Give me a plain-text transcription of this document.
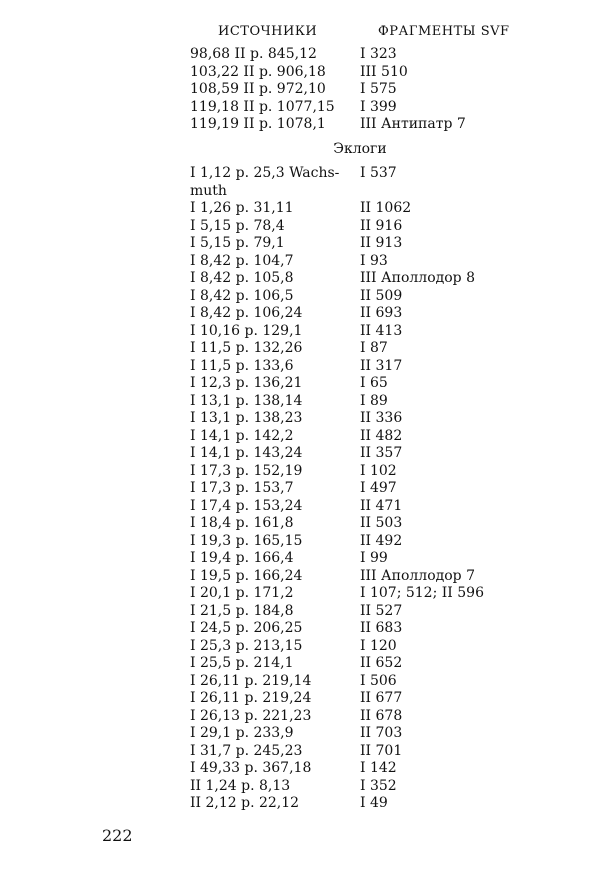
ИСТОЧНИКИ	ФРАГМЕНТЫ SVF
98,68 II p. 845,12	I 323
103,22 II p. 906,18	III 510
108,59 II p. 972,10	I 575
119,18 II p. 1077,15	I 399
119,19 II p. 1078,1	III Антипатр 7
Эклоги
I 1,12 p. 25,3 Wachs-	I 537
muth
I 1,26 p. 31,11	II 1062
I 5,15 p. 78,4	II 916
I 5,15 p. 79,1	II 913
I 8,42 p. 104,7	I 93
I 8,42 p. 105,8	III Аполлодор 8
I 8,42 p. 106,5	II 509
I 8,42 p. 106,24	II 693
I 10,16 p. 129,1	II 413
I 11,5 p. 132,26	I 87
I 11,5 p. 133,6	II 317
I 12,3 p. 136,21	I 65
I 13,1 p. 138,14	I 89
I 13,1 p. 138,23	II 336
I 14,1 p. 142,2	II 482
I 14,1 p. 143,24	II 357
I 17,3 p. 152,19	I 102
I 17,3 p. 153,7	I 497
I 17,4 p. 153,24	II 471
I 18,4 p. 161,8	II 503
I 19,3 p. 165,15	II 492
I 19,4 p. 166,4	I 99
I 19,5 p. 166,24	III Аполлодор 7
I 20,1 p. 171,2	I 107; 512; II 596
I 21,5 p. 184,8	II 527
I 24,5 p. 206,25	II 683
I 25,3 p. 213,15	I 120
I 25,5 p. 214,1	II 652
I 26,11 p. 219,14	I 506
I 26,11 p. 219,24	II 677
I 26,13 p. 221,23	II 678
I 29,1 p. 233,9	II 703
I 31,7 p. 245,23	II 701
I 49,33 p. 367,18	I 142
II 1,24 p. 8,13	I 352
II 2,12 p. 22,12	I 49
222
